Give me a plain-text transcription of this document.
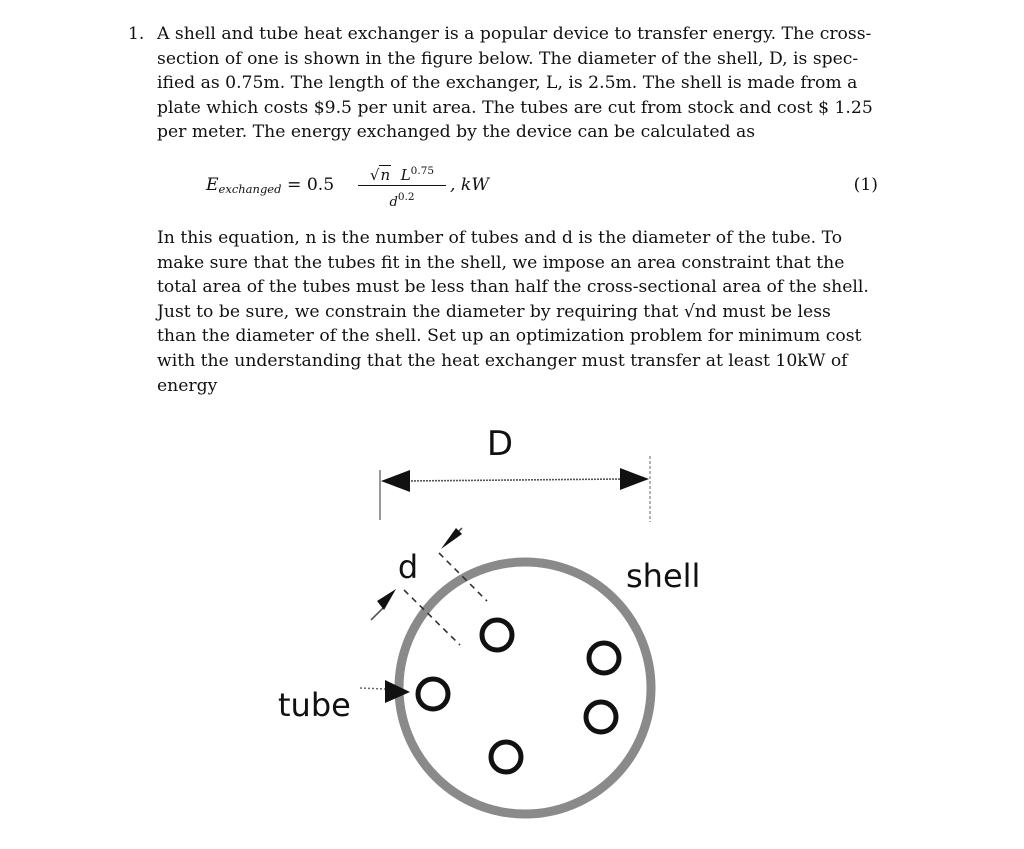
1. A shell and tube heat exchanger is a popular device to transfer energy. The cross-
section of one is shown in the figure below. The diameter of the shell, D, is spec-
ified as 0.75m. The length of the exchanger, L, is 2.5m. The shell is made from a
plate which costs $9.5 per unit area. The tubes are cut from stock and cost $ 1.25
per meter. The energy exchanged by the device can be calculated as
$E_{exchanged} = 0.5$	√n $L^{0.75}$
$d^{0.2}$
, kW	(1)
In this equation, n is the number of tubes and d is the diameter of the tube. To
make sure that the tubes fit in the shell, we impose an area constraint that the
total area of the tubes must be less than half the cross-sectional area of the shell.
Just to be sure, we constrain the diameter by requiring that √nd must be less
than the diameter of the shell. Set up an optimization problem for minimum cost
with the understanding that the heat exchanger must transfer at least 10kW of
energy
D
d	shell
tube
